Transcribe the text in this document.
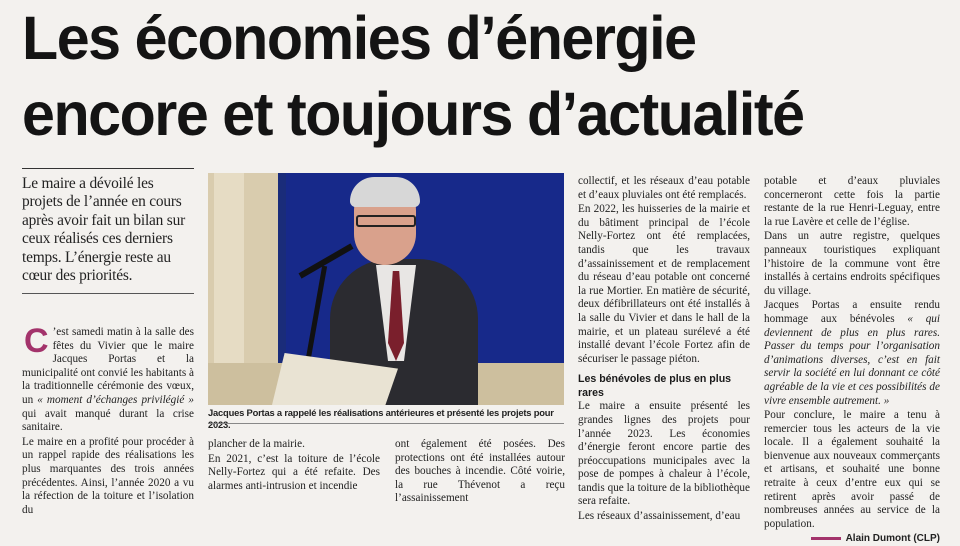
Les économies d’énergie
encore et toujours d’actualité

Le maire a dévoilé les projets de l’année en cours après avoir fait un bilan sur ceux réalisés ces derniers temps. L’énergie reste au cœur des priorités.

C ’est samedi matin à la salle des fêtes du Vivier que le maire Jacques Portas et la municipalité ont convié les habitants à la traditionnelle cérémonie des vœux, un « moment d’échanges privilégié » qui avait manqué durant la crise sanitaire.

Le maire en a profité pour procéder à un rappel rapide des réalisations les plus marquantes des trois années précédentes. Ainsi, l’année 2020 a vu la réfection de la toiture et l’isolation du

Jacques Portas a rappelé les réalisations antérieures et présenté les projets pour 2023.

plancher de la mairie.

En 2021, c’est la toiture de l’école Nelly-Fortez qui a été refaite. Des alarmes anti-intrusion et incendie

ont également été posées. Des protections ont été installées autour des bouches à incendie. Côté voirie, la rue Thévenot a reçu l’assainissement

collectif, et les réseaux d’eau potable et d’eaux pluviales ont été remplacés.

En 2022, les huisseries de la mairie et du bâtiment principal de l’école Nelly-Fortez ont été remplacées, tandis que les travaux d’assainissement et de remplacement du réseau d’eau potable ont concerné la rue Mortier. En matière de sécurité, deux défibrillateurs ont été installés à la salle du Vivier et dans le hall de la mairie, et un plateau surélevé a été installé devant l’école Fortez afin de sécuriser le passage piéton.

Les bénévoles de plus en plus rares

Le maire a ensuite présenté les grandes lignes des projets pour l’année 2023. Les économies d’énergie feront encore partie des préoccupations municipales avec la pose de pompes à chaleur à l’école, tandis que la toiture de la bibliothèque sera refaite.

Les réseaux d’assainissement, d’eau

potable et d’eaux pluviales concerneront cette fois la partie restante de la rue Henri-Leguay, entre la rue Lavère et celle de l’église.

Dans un autre registre, quelques panneaux touristiques expliquant l’histoire de la commune vont être installés à certains endroits spécifiques du village.

Jacques Portas a ensuite rendu hommage aux bénévoles « qui deviennent de plus en plus rares. Passer du temps pour l’organisation d’animations diverses, c’est en fait servir la société en lui donnant ce côté agréable de la vie et ces possibilités de vivre ensemble autrement. »

Pour conclure, le maire a tenu à remercier tous les acteurs de la vie locale. Il a également souhaité la bienvenue aux nouveaux commerçants et artisans, et souhaité une bonne retraite à ceux d’entre eux qui se retirent après avoir passé de nombreuses années au service de la population.

Alain Dumont (CLP)
